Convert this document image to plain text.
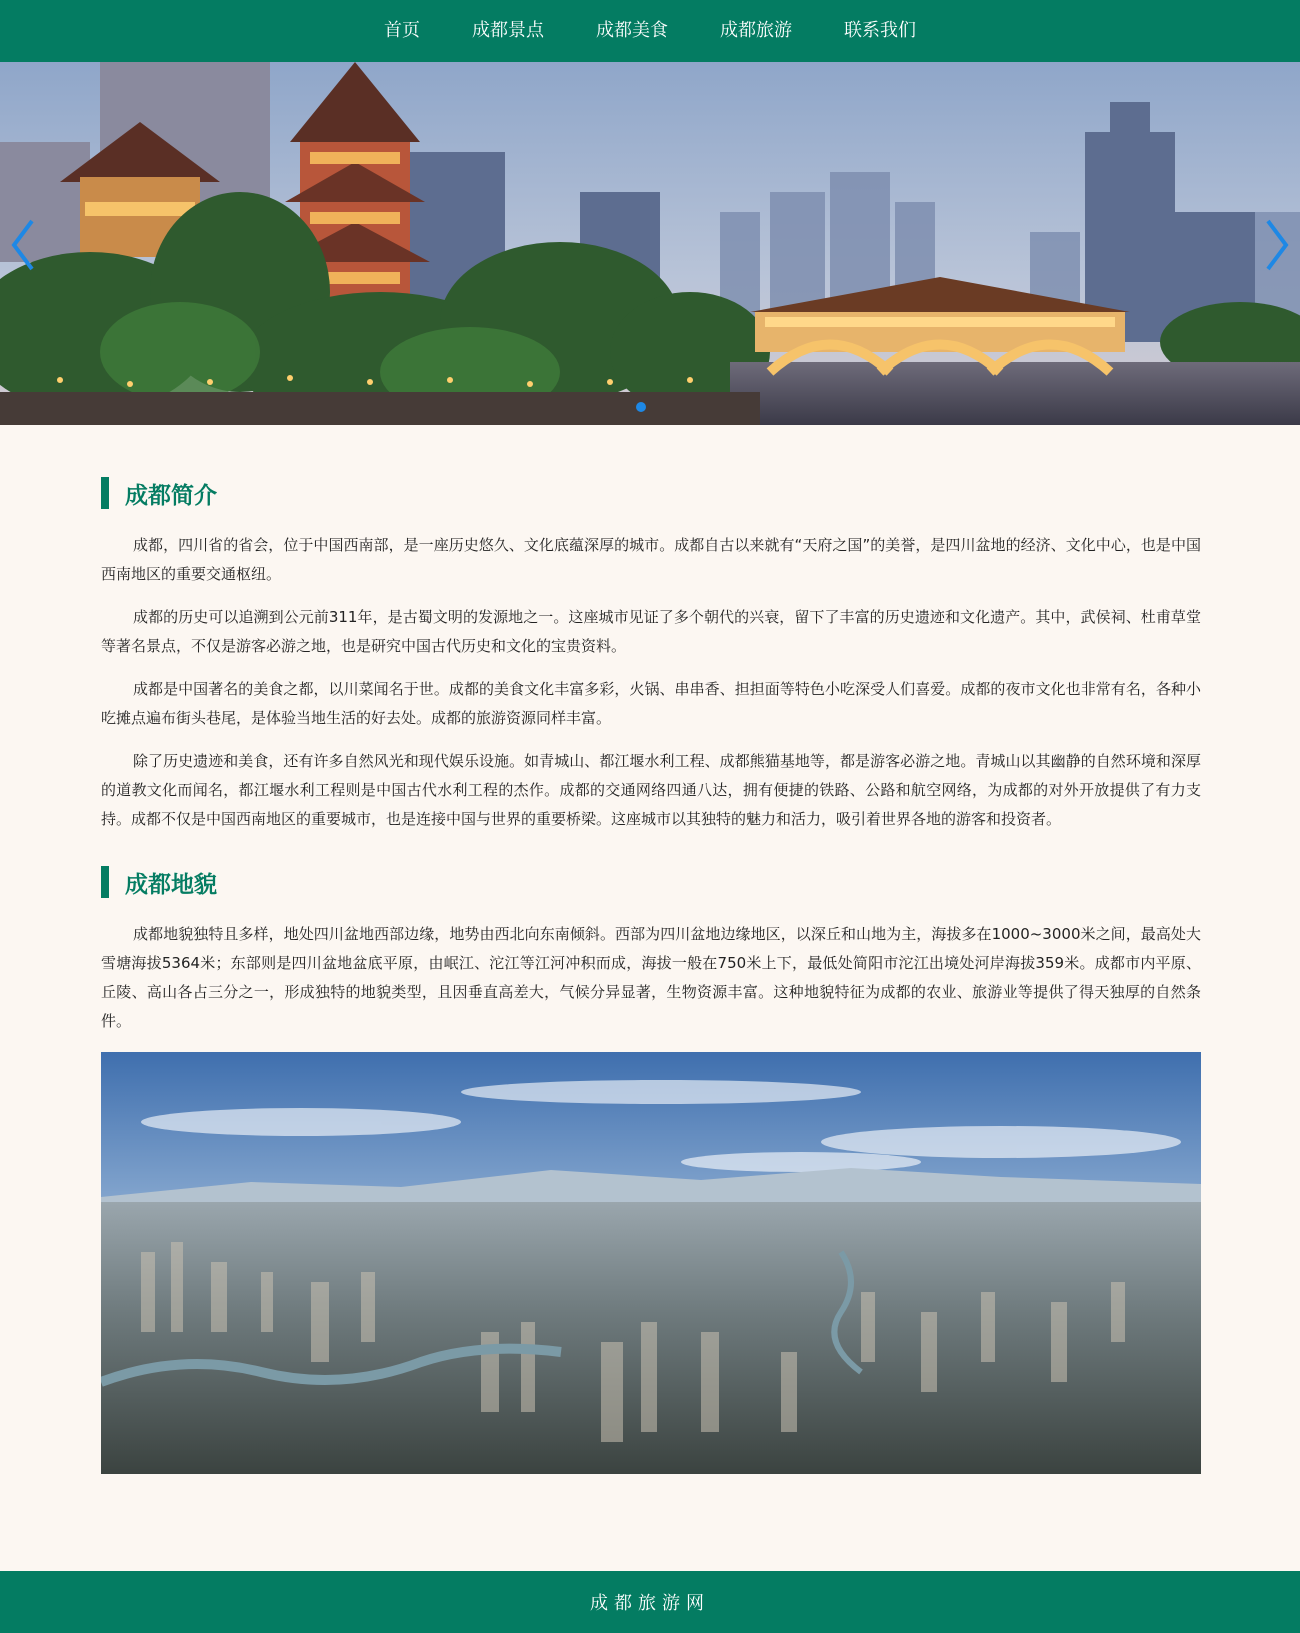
首页	成都景点	成都美食	成都旅游	联系我们
成都简介

成都，四川省的省会，位于中国西南部，是一座历史悠久、文化底蕴深厚的城市。成都自古以来就有“天府之国”的美誉，是四川盆地的经济、文化中心，也是中国西南地区的重要交通枢纽。

成都的历史可以追溯到公元前311年，是古蜀文明的发源地之一。这座城市见证了多个朝代的兴衰，留下了丰富的历史遗迹和文化遗产。其中，武侯祠、杜甫草堂等著名景点，不仅是游客必游之地，也是研究中国古代历史和文化的宝贵资料。

成都是中国著名的美食之都，以川菜闻名于世。成都的美食文化丰富多彩，火锅、串串香、担担面等特色小吃深受人们喜爱。成都的夜市文化也非常有名，各种小吃摊点遍布街头巷尾，是体验当地生活的好去处。成都的旅游资源同样丰富。

除了历史遗迹和美食，还有许多自然风光和现代娱乐设施。如青城山、都江堰水利工程、成都熊猫基地等，都是游客必游之地。青城山以其幽静的自然环境和深厚的道教文化而闻名，都江堰水利工程则是中国古代水利工程的杰作。成都的交通网络四通八达，拥有便捷的铁路、公路和航空网络，为成都的对外开放提供了有力支持。成都不仅是中国西南地区的重要城市，也是连接中国与世界的重要桥梁。这座城市以其独特的魅力和活力，吸引着世界各地的游客和投资者。

成都地貌

成都地貌独特且多样，地处四川盆地西部边缘，地势由西北向东南倾斜。西部为四川盆地边缘地区，以深丘和山地为主，海拔多在1000~3000米之间，最高处大雪塘海拔5364米；东部则是四川盆地盆底平原，由岷江、沱江等江河冲积而成，海拔一般在750米上下，最低处简阳市沱江出境处河岸海拔359米。成都市内平原、丘陵、高山各占三分之一，形成独特的地貌类型，且因垂直高差大，气候分异显著，生物资源丰富。这种地貌特征为成都的农业、旅游业等提供了得天独厚的自然条件。

成都旅游网
